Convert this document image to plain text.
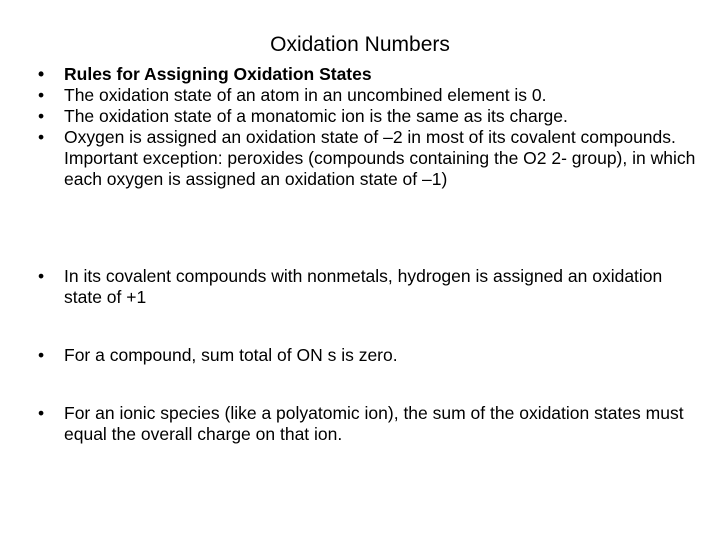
Oxidation Numbers
•	Rules for Assigning Oxidation States
•	The oxidation state of an atom in an uncombined element is 0.
•	The oxidation state of a monatomic ion is the same as its charge.
•	Oxygen is assigned an oxidation state of –2 in most of its covalent compounds. Important exception: peroxides (compounds containing the O2 2- group), in which each oxygen is assigned an oxidation state of –1)
•	In its covalent compounds with nonmetals, hydrogen is assigned an oxidation state of +1
•	For a compound, sum total of ON s is zero.
•	For an ionic species (like a polyatomic ion), the sum of the oxidation states must equal the overall charge on that ion.
